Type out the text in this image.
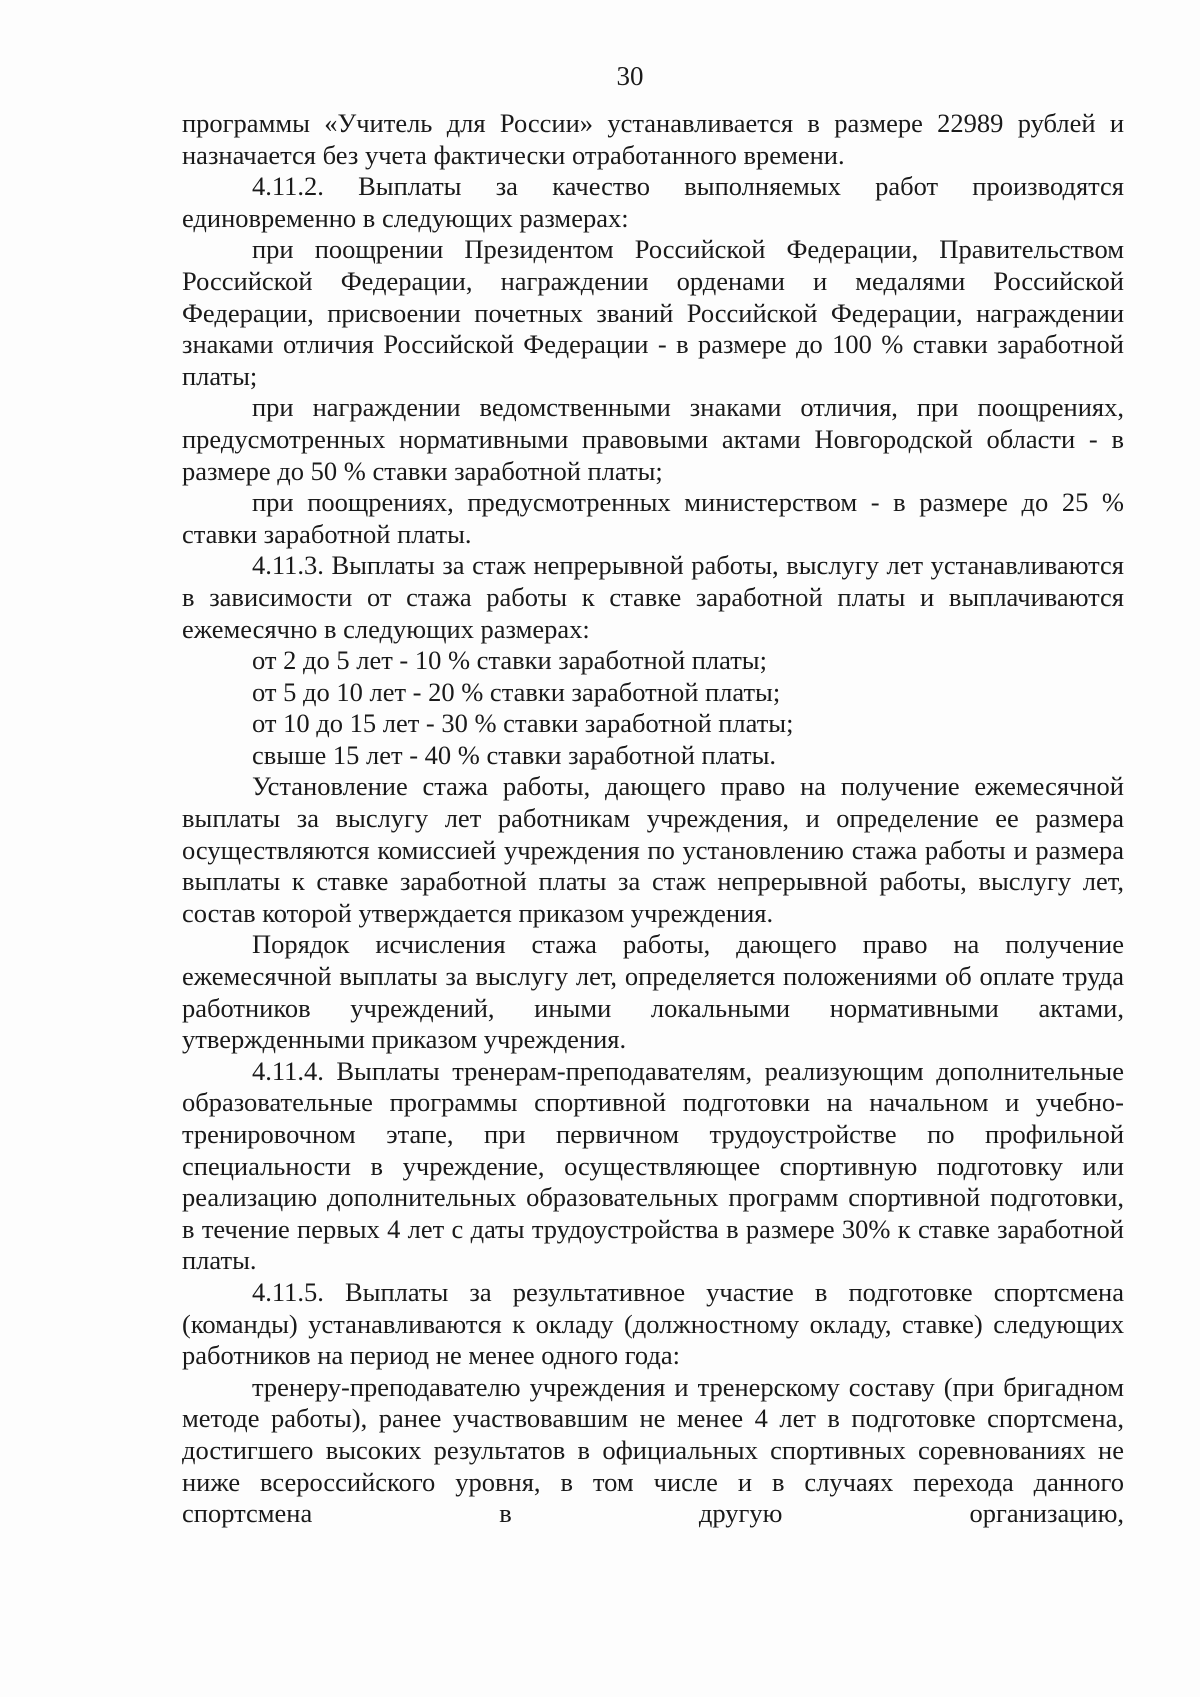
30

программы «Учитель для России» устанавливается в размере 22989 рублей и назначается без учета фактически отработанного времени.

4.11.2. Выплаты за качество выполняемых работ производятся единовременно в следующих размерах:

при поощрении Президентом Российской Федерации, Правительством Российской Федерации, награждении орденами и медалями Российской Федерации, присвоении почетных званий Российской Федерации, награждении знаками отличия Российской Федерации - в размере до 100 % ставки заработной платы;

при награждении ведомственными знаками отличия, при поощрениях, предусмотренных нормативными правовыми актами Новгородской области - в размере до 50 % ставки заработной платы;

при поощрениях, предусмотренных министерством - в размере до 25 % ставки заработной платы.

4.11.3. Выплаты за стаж непрерывной работы, выслугу лет устанавливаются в зависимости от стажа работы к ставке заработной платы и выплачиваются ежемесячно в следующих размерах:

от 2 до 5 лет - 10 % ставки заработной платы;

от 5 до 10 лет - 20 % ставки заработной платы;

от 10 до 15 лет - 30 % ставки заработной платы;

свыше 15 лет - 40 % ставки заработной платы.

Установление стажа работы, дающего право на получение ежемесячной выплаты за выслугу лет работникам учреждения, и определение ее размера осуществляются комиссией учреждения по установлению стажа работы и размера выплаты к ставке заработной платы за стаж непрерывной работы, выслугу лет, состав которой утверждается приказом учреждения.

Порядок исчисления стажа работы, дающего право на получение ежемесячной выплаты за выслугу лет, определяется положениями об оплате труда работников учреждений, иными локальными нормативными актами, утвержденными приказом учреждения.

4.11.4. Выплаты тренерам-преподавателям, реализующим дополнительные образовательные программы спортивной подготовки на начальном и учебно-тренировочном этапе, при первичном трудоустройстве по профильной специальности в учреждение, осуществляющее спортивную подготовку или реализацию дополнительных образовательных программ спортивной подготовки, в течение первых 4 лет с даты трудоустройства в размере 30% к ставке заработной платы.

4.11.5. Выплаты за результативное участие в подготовке спортсмена (команды) устанавливаются к окладу (должностному окладу, ставке) следующих работников на период не менее одного года:

тренеру-преподавателю учреждения и тренерскому составу (при бригадном методе работы), ранее участвовавшим не менее 4 лет в подготовке спортсмена, достигшего высоких результатов в официальных спортивных соревнованиях не ниже всероссийского уровня, в том числе и в случаях перехода данного спортсмена в другую организацию,
